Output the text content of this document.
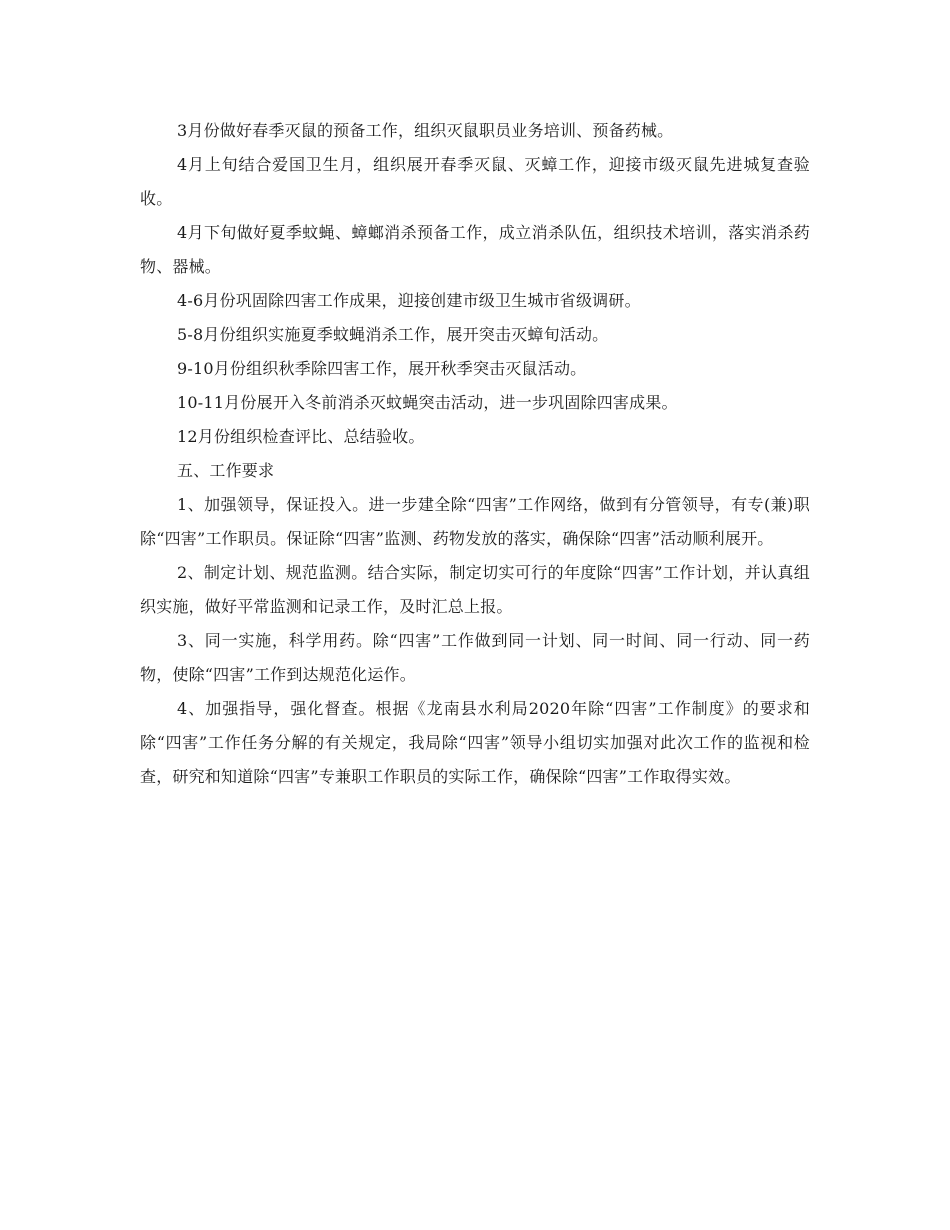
3月份做好春季灭鼠的预备工作，组织灭鼠职员业务培训、预备药械。

4月上旬结合爱国卫生月，组织展开春季灭鼠、灭蟑工作，迎接市级灭鼠先进城复查验收。

4月下旬做好夏季蚊蝇、蟑螂消杀预备工作，成立消杀队伍，组织技术培训，落实消杀药物、器械。

4-6月份巩固除四害工作成果，迎接创建市级卫生城市省级调研。

5-8月份组织实施夏季蚊蝇消杀工作，展开突击灭蟑旬活动。

9-10月份组织秋季除四害工作，展开秋季突击灭鼠活动。

10-11月份展开入冬前消杀灭蚊蝇突击活动，进一步巩固除四害成果。

12月份组织检查评比、总结验收。

五、工作要求

1、加强领导，保证投入。进一步建全除“四害”工作网络，做到有分管领导，有专(兼)职除“四害”工作职员。保证除“四害”监测、药物发放的落实，确保除“四害”活动顺利展开。

2、制定计划、规范监测。结合实际，制定切实可行的年度除“四害”工作计划，并认真组织实施，做好平常监测和记录工作，及时汇总上报。

3、同一实施，科学用药。除“四害”工作做到同一计划、同一时间、同一行动、同一药物，使除“四害”工作到达规范化运作。

4、加强指导，强化督查。根据《龙南县水利局2020年除“四害”工作制度》的要求和除“四害”工作任务分解的有关规定，我局除“四害”领导小组切实加强对此次工作的监视和检查，研究和知道除“四害”专兼职工作职员的实际工作，确保除“四害”工作取得实效。
